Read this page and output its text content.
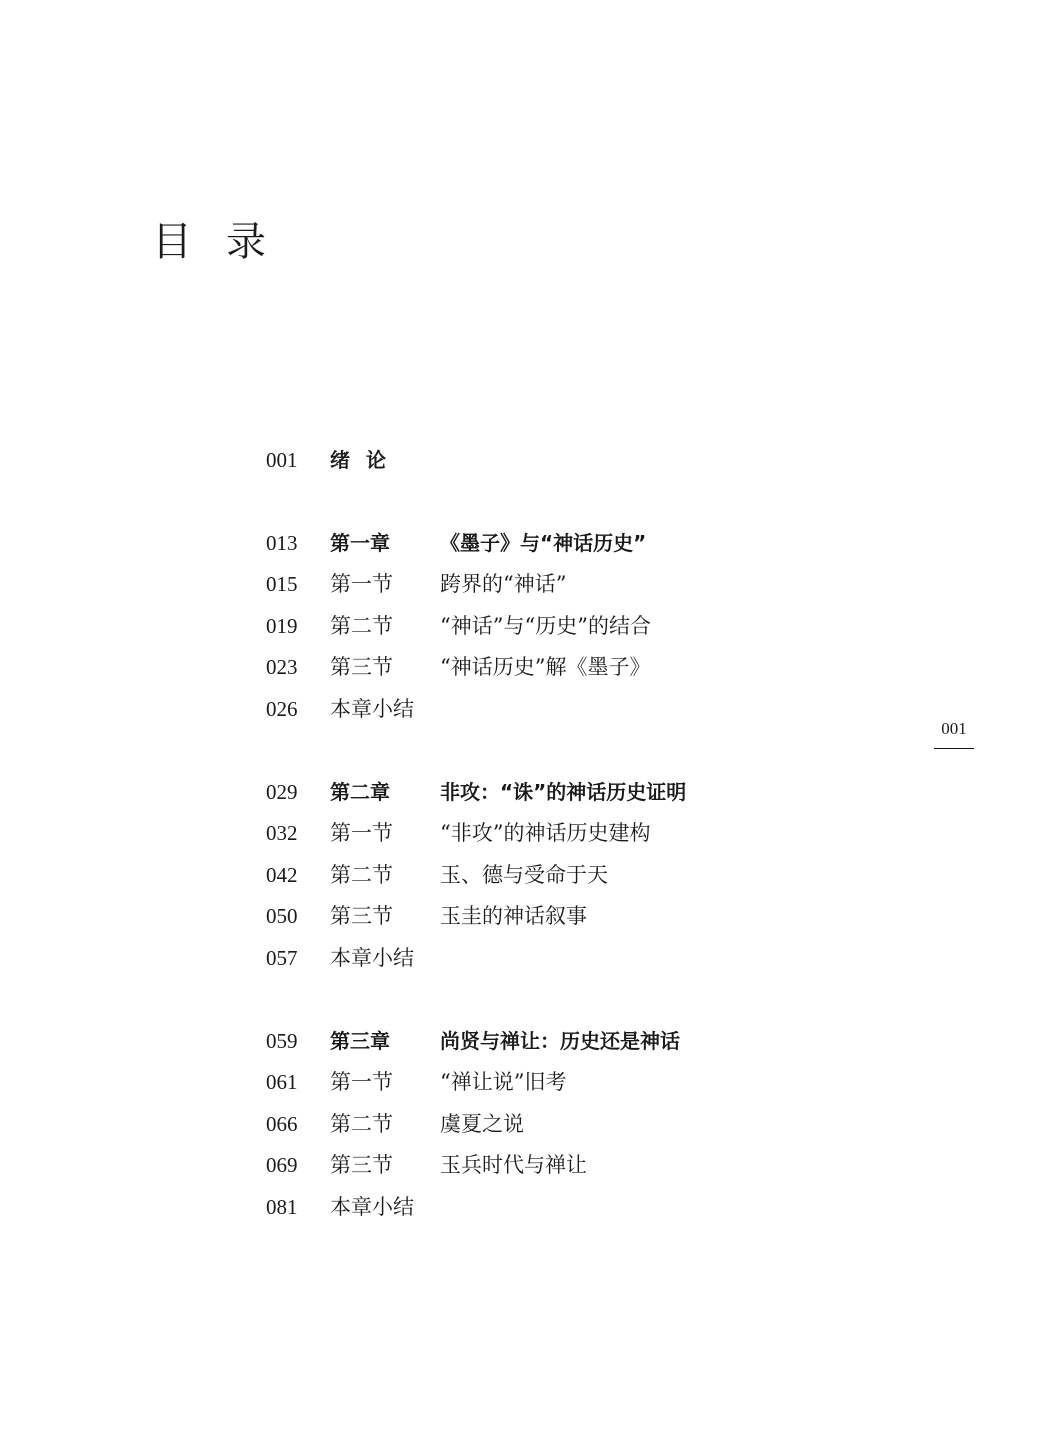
目录
001 绪论
013 第一章	《墨子》与“神话历史”
015 第一节 跨界的“神话”
019 第二节 “神话”与“历史”的结合
023 第三节 “神话历史”解《墨子》
026 本章小结
029 第二章	非攻：“诛”的神话历史证明
032 第一节 “非攻”的神话历史建构
042 第二节 玉、德与受命于天
050 第三节 玉圭的神话叙事
057 本章小结
059 第三章	尚贤与禅让：历史还是神话
061 第一节 “禅让说”旧考
066 第二节 虞夏之说
069 第三节 玉兵时代与禅让
081 本章小结
001
